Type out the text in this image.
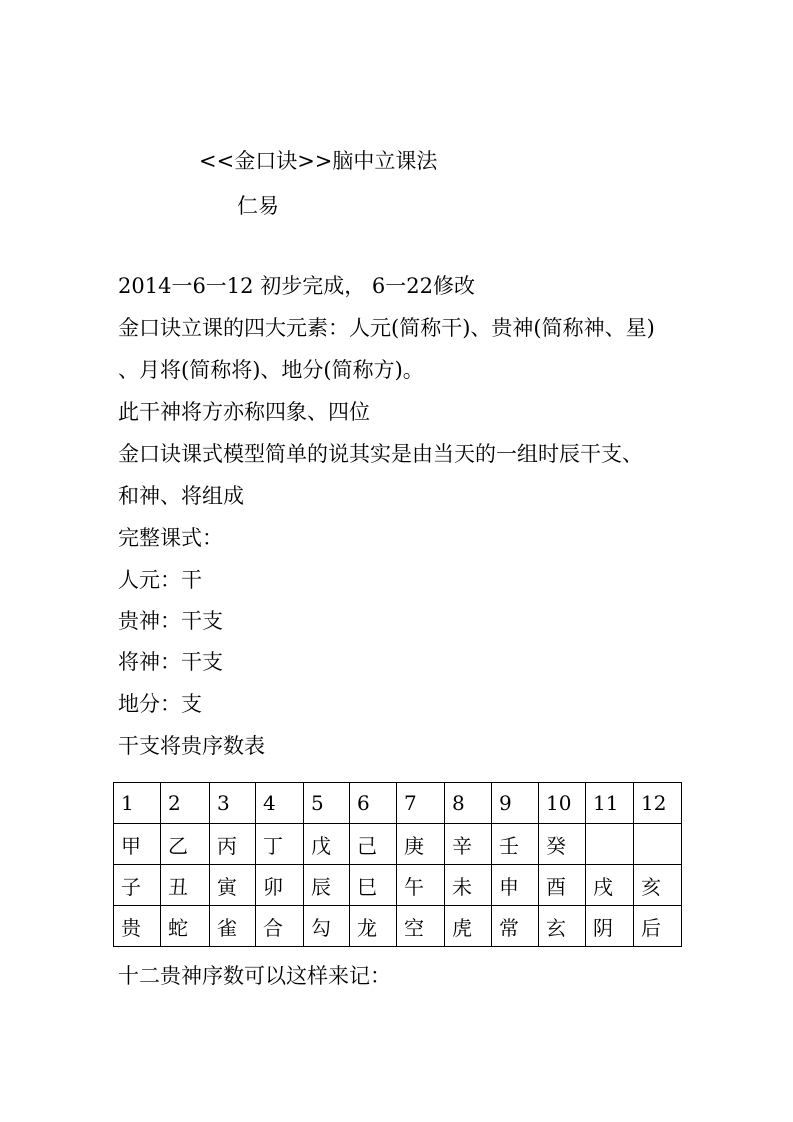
<<金口诀>>脑中立课法
仁易
2014一6一12 初步完成， 6一22修改
金口诀立课的四大元素：人元(简称干)、贵神(简称神、星)
、月将(简称将)、地分(简称方)。
此干神将方亦称四象、四位
金口诀课式模型简单的说其实是由当天的一组时辰干支、
和神、将组成
完整课式：
人元：干
贵神：干支
将神：干支
地分：支
干支将贵序数表
1	2	3	4	5	6	7	8	9	10	11	12
甲	乙	丙	丁	戊	己	庚	辛	壬	癸		
子	丑	寅	卯	辰	巳	午	未	申	酉	戌	亥
贵	蛇	雀	合	勾	龙	空	虎	常	玄	阴	后
十二贵神序数可以这样来记：
